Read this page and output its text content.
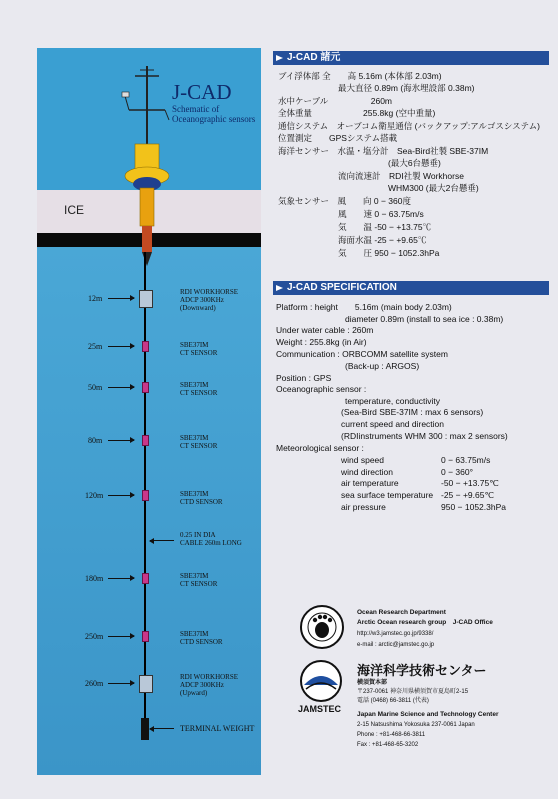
J-CAD
Schematic of
Oceanographic sensors
ICE
12m
RDI WORKHORSE
ADCP 300KHz
(Downward)
25m	SBE37IM
CT SENSOR
50m	SBE37IM
CT SENSOR
80m	SBE37IM
CT SENSOR
120m	SBE37IM
CTD SENSOR
0.25 IN DIA
CABLE 260m LONG
180m	SBE37IM
CT SENSOR
250m	SBE37IM
CTD SENSOR
260m
RDI WORKHORSE
ADCP 300KHz
(Upward)
TERMINAL WEIGHT
J-CAD 諸元
ブイ浮体部 全　　高 5.16m (本体部 2.03m)
最大直径 0.89m (海氷埋設部 0.38m)
水中ケーブル　　　　　260m
全体重量　　　　　　255.8kg (空中重量)
通信システム　オーブコム衛星通信 (バックアップ:アルゴスシステム)
位置測定　　GPSシステム搭載
海洋センサー　水温・塩分計　Sea-Bird社製 SBE-37IM
(最大6台懸垂)
流向流速計　RDI社製 Workhorse
WHM300 (最大2台懸垂)
気象センサー　風　　向 0 − 360度
風　　速 0 − 63.75m/s
気　　温 -50 − +13.75℃
海面水温 -25 − +9.65℃
気　　圧 950 − 1052.3hPa
J-CAD SPECIFICATION
Platform : height　　5.16m (main body 2.03m)
diameter 0.89m (install to sea ice : 0.38m)
Under water cable : 260m
Weight : 255.8kg (in Air)
Communication : ORBCOMM satellite system
(Back-up : ARGOS)
Position : GPS
Oceanographic sensor :
temperature, conductivity
(Sea-Bird SBE-37IM : max 6 sensors)
current speed and direction
(RDIinstruments WHM 300 : max 2 sensors)
Meteorological sensor :
wind speed	0 − 63.75m/s
wind direction	0 − 360°
air temperature	-50 − +13.75℃
sea surface temperature -25 − +9.65℃
air pressure	950 − 1052.3hPa
Ocean Research Department
Arctic Ocean research group　J-CAD Office
http://w3.jamstec.go.jp/9338/
e-mail : arctic@jamstec.go.jp
JAMSTEC
海洋科学技術センター
横須賀本部
〒237-0061 神奈川県横須賀市夏島町2-15
電話 (0468) 66-3811 (代表)
Japan Marine Science and Technology Center
2-15 Natsushima Yokosuka 237-0061 Japan
Phone : +81-468-66-3811
Fax : +81-468-65-3202
